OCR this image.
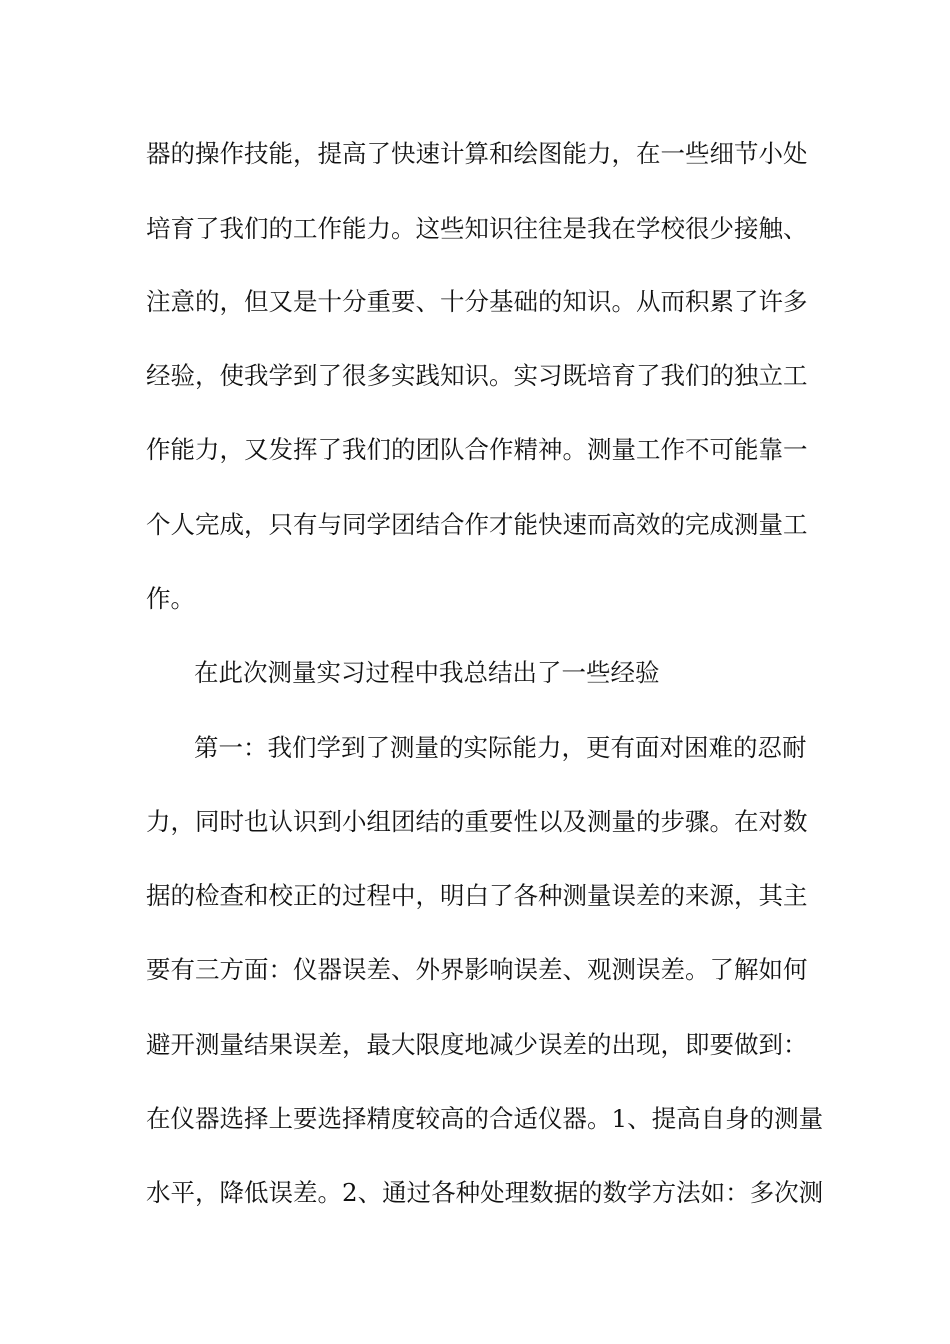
器的操作技能，提高了快速计算和绘图能力，在一些细节小处
培育了我们的工作能力。这些知识往往是我在学校很少接触、
注意的，但又是十分重要、十分基础的知识。从而积累了许多
经验，使我学到了很多实践知识。实习既培育了我们的独立工
作能力，又发挥了我们的团队合作精神。测量工作不可能靠一
个人完成，只有与同学团结合作才能快速而高效的完成测量工
作。
在此次测量实习过程中我总结出了一些经验
第一：我们学到了测量的实际能力，更有面对困难的忍耐
力，同时也认识到小组团结的重要性以及测量的步骤。在对数
据的检查和校正的过程中，明白了各种测量误差的来源，其主
要有三方面：仪器误差、外界影响误差、观测误差。了解如何
避开测量结果误差，最大限度地减少误差的出现，即要做到：
在仪器选择上要选择精度较高的合适仪器。1、提高自身的测量
水平，降低误差。2、通过各种处理数据的数学方法如：多次测
